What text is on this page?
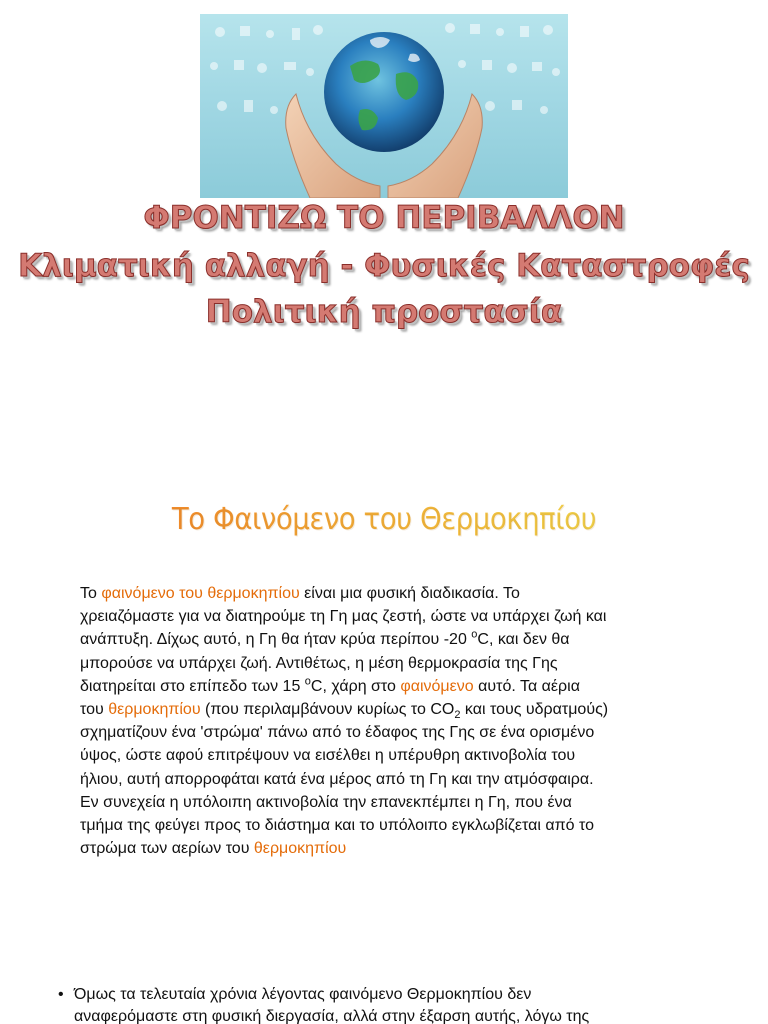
ΦΡΟΝΤΙΖΩ ΤΟ ΠΕΡΙΒΑΛΛΟΝ
Κλιματική αλλαγή - Φυσικές Καταστροφές
Πολιτική προστασία
Το Φαινόμενο του Θερμοκηπίου
Το φαινόμενο του θερμοκηπίου είναι μια φυσική διαδικασία. Το
χρειαζόμαστε για να διατηρούμε τη Γη μας ζεστή, ώστε να υπάρχει ζωή και
ανάπτυξη. Δίχως αυτό, η Γη θα ήταν κρύα περίπου -20 $^o$C, και δεν θα
μπορούσε να υπάρχει ζωή. Αντιθέτως, η μέση θερμοκρασία της Γης
διατηρείται στο επίπεδο των 15 $^o$C, χάρη στο φαινόμενο αυτό. Τα αέρια
του θερμοκηπίου (που περιλαμβάνουν κυρίως το $CO_2$ και τους υδρατμούς)
σχηματίζουν ένα 'στρώμα' πάνω από το έδαφος της Γης σε ένα ορισμένο
ύψος, ώστε αφού επιτρέψουν να εισέλθει η υπέρυθρη ακτινοβολία του
ήλιου, αυτή απορροφάται κατά ένα μέρος από τη Γη και την ατμόσφαιρα.
Εν συνεχεία η υπόλοιπη ακτινοβολία την επανεκπέμπει η Γη, που ένα
τμήμα της φεύγει προς το διάστημα και το υπόλοιπο εγκλωβίζεται από το
στρώμα των αερίων του θερμοκηπίου
• Όμως τα τελευταία χρόνια λέγοντας φαινόμενο Θερμοκηπίου δεν
αναφερόμαστε στη φυσική διεργασία, αλλά στην έξαρση αυτής, λόγω της
